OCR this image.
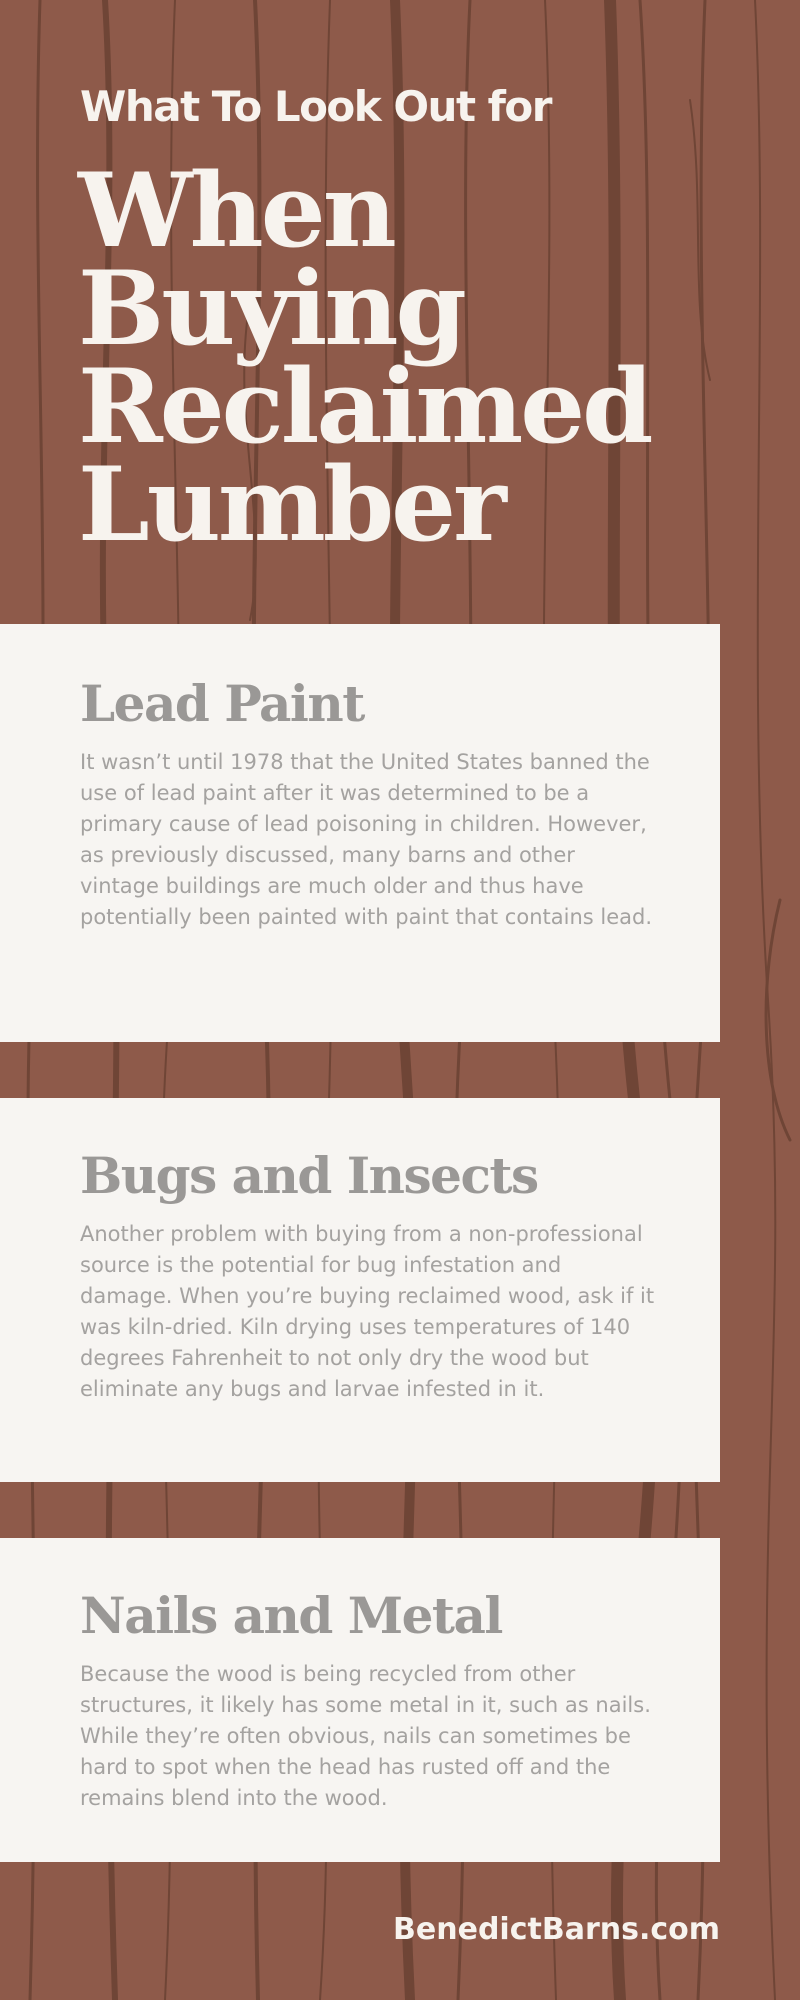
What To Look Out for
When
Buying
Reclaimed
Lumber
Lead Paint

It wasn’t until 1978 that the United States banned the use of lead paint after it was determined to be a primary cause of lead poisoning in children. However, as previously discussed, many barns and other vintage buildings are much older and thus have potentially been painted with paint that contains lead.

Bugs and Insects

Another problem with buying from a non-professional source is the potential for bug infestation and damage. When you’re buying reclaimed wood, ask if it was kiln-dried. Kiln drying uses temperatures of 140 degrees Fahrenheit to not only dry the wood but eliminate any bugs and larvae infested in it.

Nails and Metal

Because the wood is being recycled from other structures, it likely has some metal in it, such as nails. While they’re often obvious, nails can sometimes be hard to spot when the head has rusted off and the remains blend into the wood.

BenedictBarns.com
